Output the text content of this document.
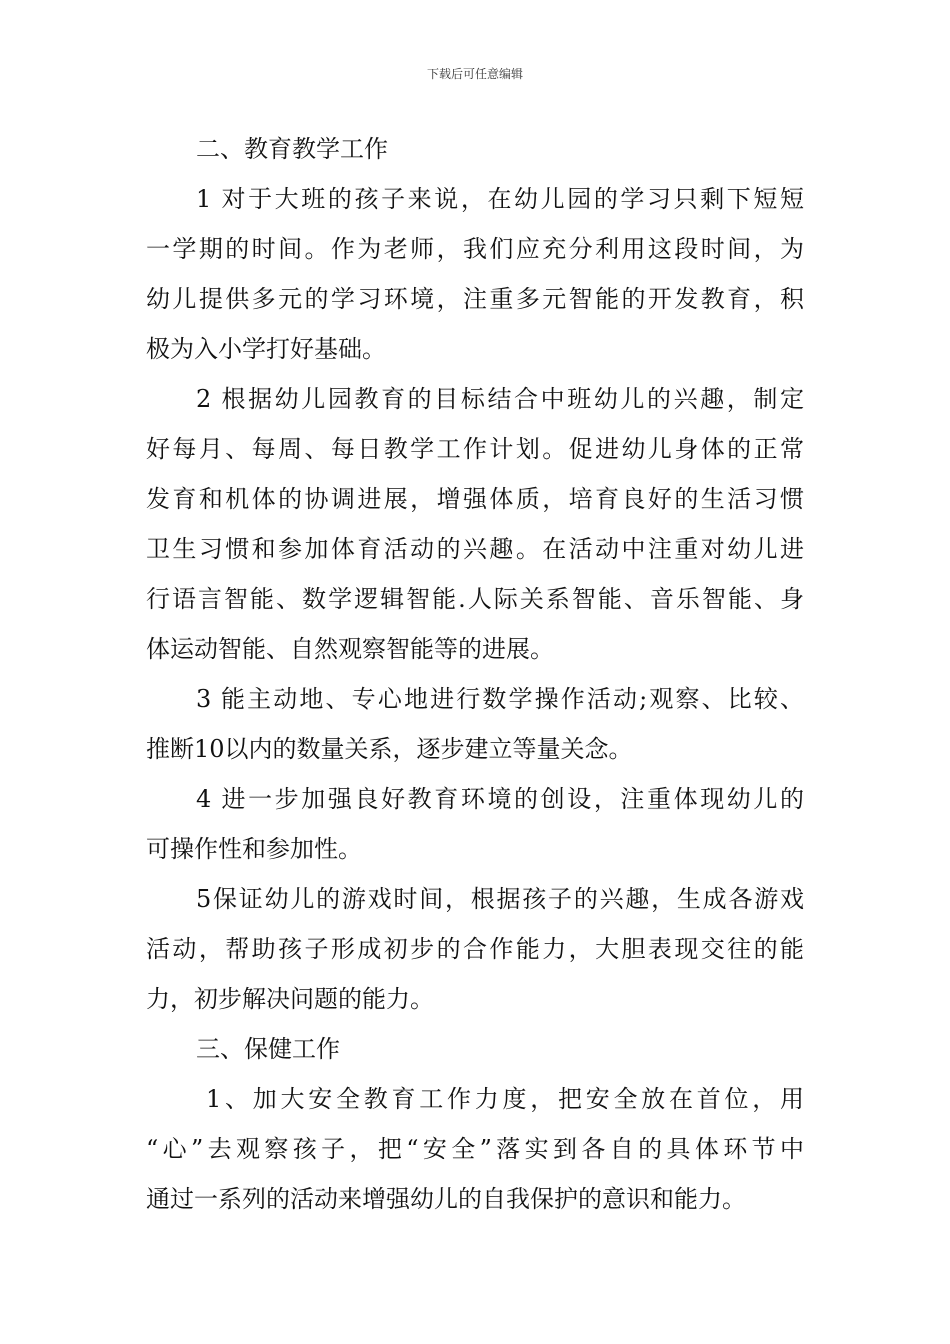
下载后可任意编辑
二、教育教学工作
1 对于大班的孩子来说，在幼儿园的学习只剩下短短
一学期的时间。作为老师，我们应充分利用这段时间，为
幼儿提供多元的学习环境，注重多元智能的开发教育，积
极为入小学打好基础。
2 根据幼儿园教育的目标结合中班幼儿的兴趣，制定
好每月、每周、每日教学工作计划。促进幼儿身体的正常
发育和机体的协调进展，增强体质，培育良好的生活习惯
卫生习惯和参加体育活动的兴趣。在活动中注重对幼儿进
行语言智能、数学逻辑智能.人际关系智能、音乐智能、身
体运动智能、自然观察智能等的进展。
3 能主动地、专心地进行数学操作活动;观察、比较、
推断10以内的数量关系，逐步建立等量关念。
4 进一步加强良好教育环境的创设，注重体现幼儿的
可操作性和参加性。
5保证幼儿的游戏时间，根据孩子的兴趣，生成各游戏
活动，帮助孩子形成初步的合作能力，大胆表现交往的能
力，初步解决问题的能力。
三、保健工作
1、加大安全教育工作力度，把安全放在首位，用
“心”去观察孩子，把“安全”落实到各自的具体环节中
通过一系列的活动来增强幼儿的自我保护的意识和能力。
